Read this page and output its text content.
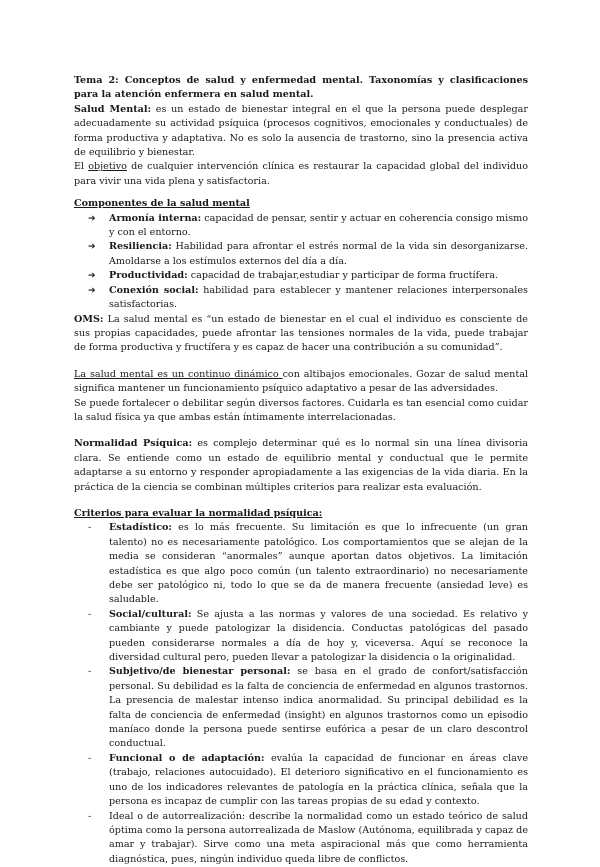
Tema 2: Conceptos de salud y enfermedad mental. Taxonomías y clasificaciones para la atención enfermera en salud mental.

Salud Mental: es un estado de bienestar integral en el que la persona puede desplegar adecuadamente su actividad psíquica (procesos cognitivos, emocionales y conductuales) de forma productiva y adaptativa. No es solo la ausencia de trastorno, sino la presencia activa de equilibrio y bienestar.

El objetivo de cualquier intervención clínica es restaurar la capacidad global del individuo para vivir una vida plena y satisfactoria.

Componentes de la salud mental

➔ Armonía interna: capacidad de pensar, sentir y actuar en coherencia consigo mismo y con el entorno.
➔ Resiliencia: Habilidad para afrontar el estrés normal de la vida sin desorganizarse. Amoldarse a los estímulos externos del día a día.
➔ Productividad: capacidad de trabajar,estudiar y participar de forma fructífera.
➔ Conexión social: habilidad para establecer y mantener relaciones interpersonales satisfactorias.

OMS: La salud mental es “un estado de bienestar en el cual el individuo es consciente de sus propias capacidades, puede afrontar las tensiones normales de la vida, puede trabajar de forma productiva y fructífera y es capaz de hacer una contribución a su comunidad”.

La salud mental es un continuo dinámico con altibajos emocionales. Gozar de salud mental significa mantener un funcionamiento psíquico adaptativo a pesar de las adversidades.

Se puede fortalecer o debilitar según diversos factores. Cuidarla es tan esencial como cuidar la salud física ya que ambas están íntimamente interrelacionadas.

Normalidad Psíquica: es complejo determinar qué es lo normal sin una línea divisoria clara. Se entiende como un estado de equilibrio mental y conductual que le permite adaptarse a su entorno y responder apropiadamente a las exigencias de la vida diaria. En la práctica de la ciencia se combinan múltiples criterios para realizar esta evaluación.

Criterios para evaluar la normalidad psíquica:

- Estadístico: es lo más frecuente. Su limitación es que lo infrecuente (un gran talento) no es necesariamente patológico. Los comportamientos que se alejan de la media se consideran “anormales” aunque aportan datos objetivos. La limitación estadística es que algo poco común (un talento extraordinario) no necesariamente debe ser patológico ni, todo lo que se da de manera frecuente (ansiedad leve) es saludable.
- Social/cultural: Se ajusta a las normas y valores de una sociedad. Es relativo y cambiante y puede patologizar la disidencia. Conductas patológicas del pasado pueden considerarse normales a día de hoy y, viceversa. Aquí se reconoce la diversidad cultural pero, pueden llevar a patologizar la disidencia o la originalidad.
- Subjetivo/de bienestar personal: se basa en el grado de confort/satisfacción personal. Su debilidad es la falta de conciencia de enfermedad en algunos trastornos. La presencia de malestar intenso indica anormalidad. Su principal debilidad es la falta de conciencia de enfermedad (insight) en algunos trastornos como un episodio maníaco donde la persona puede sentirse eufórica a pesar de un claro descontrol conductual.
- Funcional o de adaptación: evalúa la capacidad de funcionar en áreas clave (trabajo, relaciones autocuidado). El deterioro significativo en el funcionamiento es uno de los indicadores relevantes de patología en la práctica clínica, señala que la persona es incapaz de cumplir con las tareas propias de su edad y contexto.
- Ideal o de autorrealización: describe la normalidad como un estado teórico de salud óptima como la persona autorrealizada de Maslow (Autónoma, equilibrada y capaz de amar y trabajar). Sirve como una meta aspiracional más que como herramienta diagnóstica, pues, ningún individuo queda libre de conflictos.
